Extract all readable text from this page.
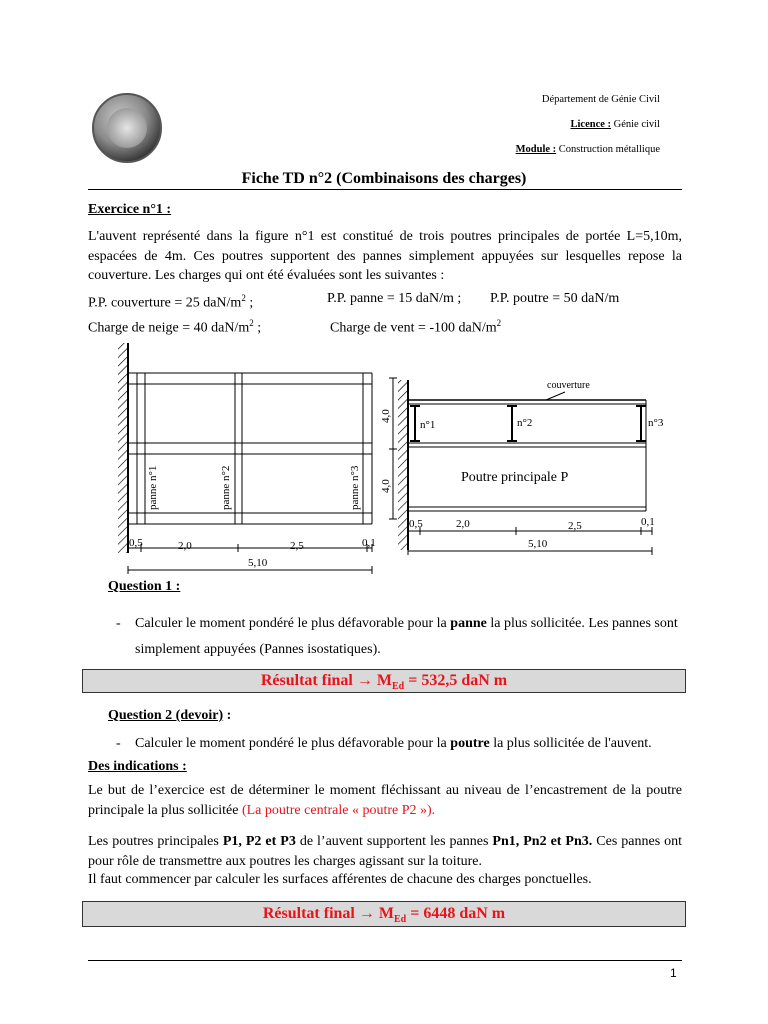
Département de Génie Civil
Licence : Génie civil
Module : Construction métallique
Fiche TD n°2 (Combinaisons des charges)
Exercice n°1 :
L'auvent représenté dans la figure n°1 est constitué de trois poutres principales de portée L=5,10m, espacées de 4m. Ces poutres supportent des pannes simplement appuyées sur lesquelles repose la couverture. Les charges qui ont été évaluées sont les suivantes :
P.P. couverture = 25 daN/$m^2$ ;	P.P. panne = 15 daN/m ; P.P. poutre = 50 daN/m
Charge de neige = 40 daN/$m^2$ ;	Charge de vent = -100 daN/$m^2$
panne n°1	panne n°2	panne n°3
4,0
4,0
0,5	2,0	2,5	0,1
5,10
couverture
n°1	n°2	n°3
Poutre principale P
0,5	2,0	2,5	0,1
5,10
Question 1 :
- Calculer le moment pondéré le plus défavorable pour la panne la plus sollicitée. Les pannes sont
simplement appuyées (Pannes isostatiques).
Résultat final → $M_{Ed} = 532,5$ daN m
Question 2 (devoir) :
- Calculer le moment pondéré le plus défavorable pour la poutre la plus sollicitée de l'auvent.
Des indications :
Le but de l’exercice est de déterminer le moment fléchissant au niveau de l’encastrement de la poutre principale la plus sollicitée (La poutre centrale « poutre P2 »).
Les poutres principales P1, P2 et P3 de l’auvent supportent les pannes Pn1, Pn2 et Pn3. Ces pannes ont pour rôle de transmettre aux poutres les charges agissant sur la toiture.
Il faut commencer par calculer les surfaces afférentes de chacune des charges ponctuelles.
Résultat final → $M_{Ed} = 6448$ daN m
1
